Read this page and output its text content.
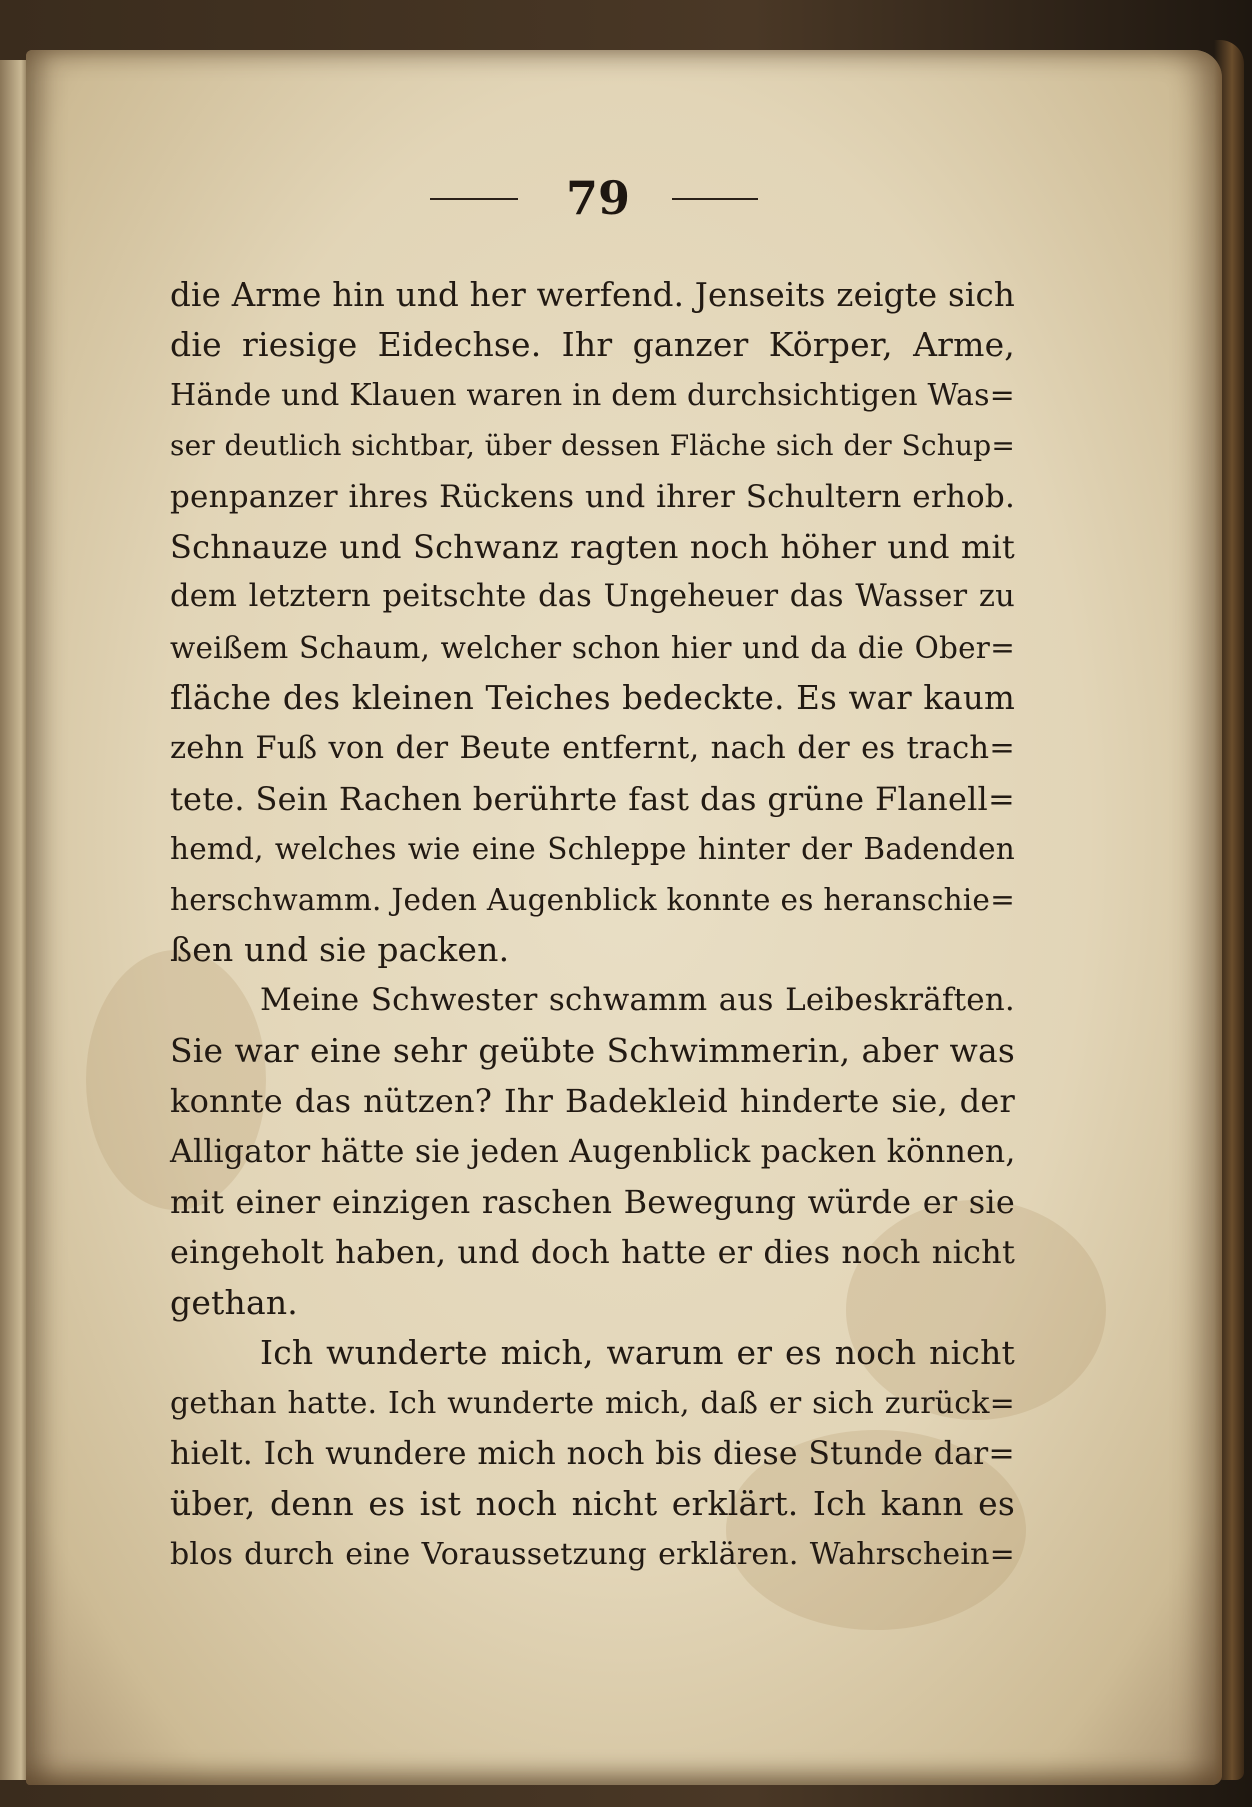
79
die Arme hin und her werfend. Jenseits zeigte sich
die riesige Eidechse. Ihr ganzer Körper, Arme,
Hände und Klauen waren in dem durchsichtigen Was=
ser deutlich sichtbar, über dessen Fläche sich der Schup=
penpanzer ihres Rückens und ihrer Schultern erhob.
Schnauze und Schwanz ragten noch höher und mit
dem letztern peitschte das Ungeheuer das Wasser zu
weißem Schaum, welcher schon hier und da die Ober=
fläche des kleinen Teiches bedeckte. Es war kaum
zehn Fuß von der Beute entfernt, nach der es trach=
tete. Sein Rachen berührte fast das grüne Flanell=
hemd, welches wie eine Schleppe hinter der Badenden
herschwamm. Jeden Augenblick konnte es heranschie=
ßen und sie packen.
Meine Schwester schwamm aus Leibeskräften.
Sie war eine sehr geübte Schwimmerin, aber was
konnte das nützen? Ihr Badekleid hinderte sie, der
Alligator hätte sie jeden Augenblick packen können,
mit einer einzigen raschen Bewegung würde er sie
eingeholt haben, und doch hatte er dies noch nicht
gethan.
Ich wunderte mich, warum er es noch nicht
gethan hatte. Ich wunderte mich, daß er sich zurück=
hielt. Ich wundere mich noch bis diese Stunde dar=
über, denn es ist noch nicht erklärt. Ich kann es
blos durch eine Voraussetzung erklären. Wahrschein=
